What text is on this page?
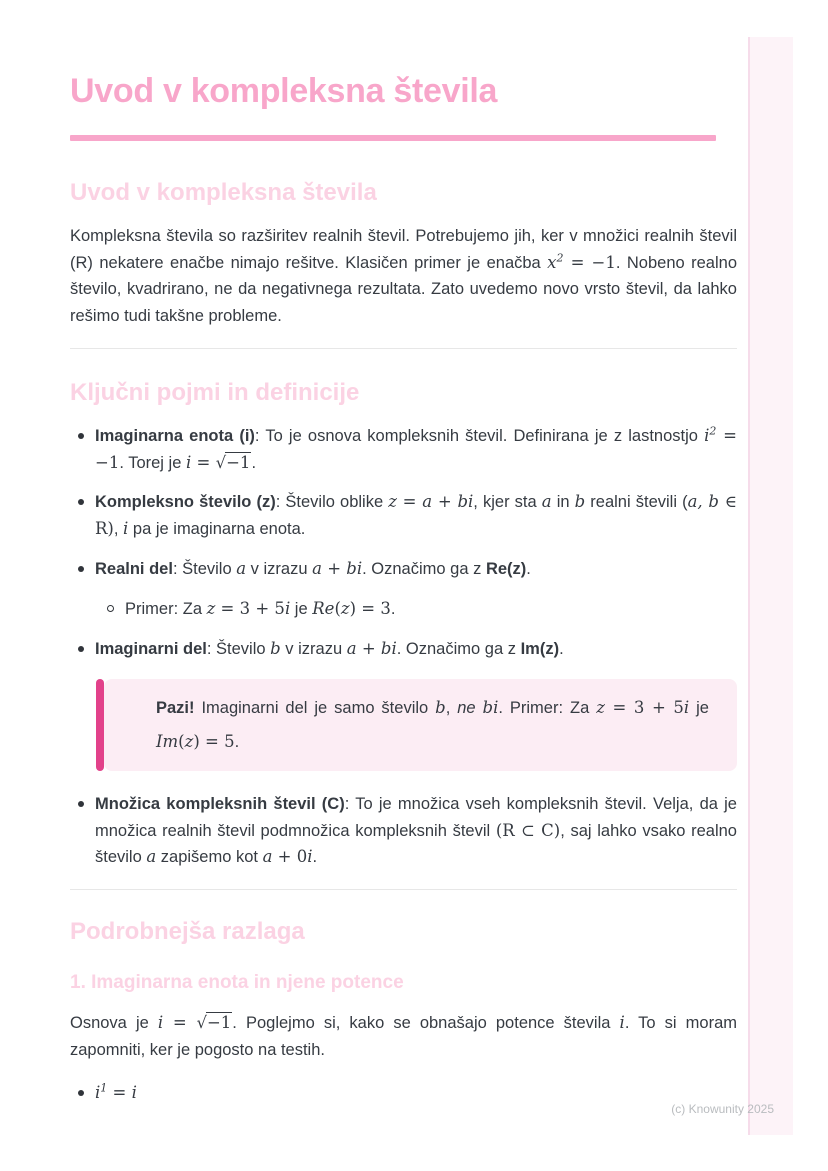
Uvod v kompleksna števila
Uvod v kompleksna števila

Kompleksna števila so razširitev realnih števil. Potrebujemo jih, ker v množici realnih števil (R) nekatere enačbe nimajo rešitve. Klasičen primer je enačba $x^2 = -1$. Nobeno realno število, kvadrirano, ne da negativnega rezultata. Zato uvedemo novo vrsto števil, da lahko rešimo tudi takšne probleme.

Ključni pojmi in definicije
Imaginarna enota (i): To je osnova kompleksnih števil. Definirana je z lastnostjo $i^2 = -1$. Torej je i = √−1.
Kompleksno število (z): Število oblike z = a + bi, kjer sta a in b realni števili (a, b ∈ R), i pa je imaginarna enota.
Realni del: Število a v izrazu a + bi. Označimo ga z Re(z).
Primer: Za z = 3 + 5i je Re(z) = 3.
Imaginarni del: Število b v izrazu a + bi. Označimo ga z Im(z).
Pazi! Imaginarni del je samo število b, ne bi. Primer: Za z = 3 + 5i je Im(z) = 5.
Množica kompleksnih števil (C): To je množica vseh kompleksnih števil. Velja, da je množica realnih števil podmnožica kompleksnih števil (R ⊂ C), saj lahko vsako realno število a zapišemo kot a + 0i.
Podrobnejša razlaga
1. Imaginarna enota in njene potence

Osnova je i = √−1. Poglejmo si, kako se obnašajo potence števila i. To si moram zapomniti, ker je pogosto na testih.

$i^1 = i$
(c) Knowunity 2025
